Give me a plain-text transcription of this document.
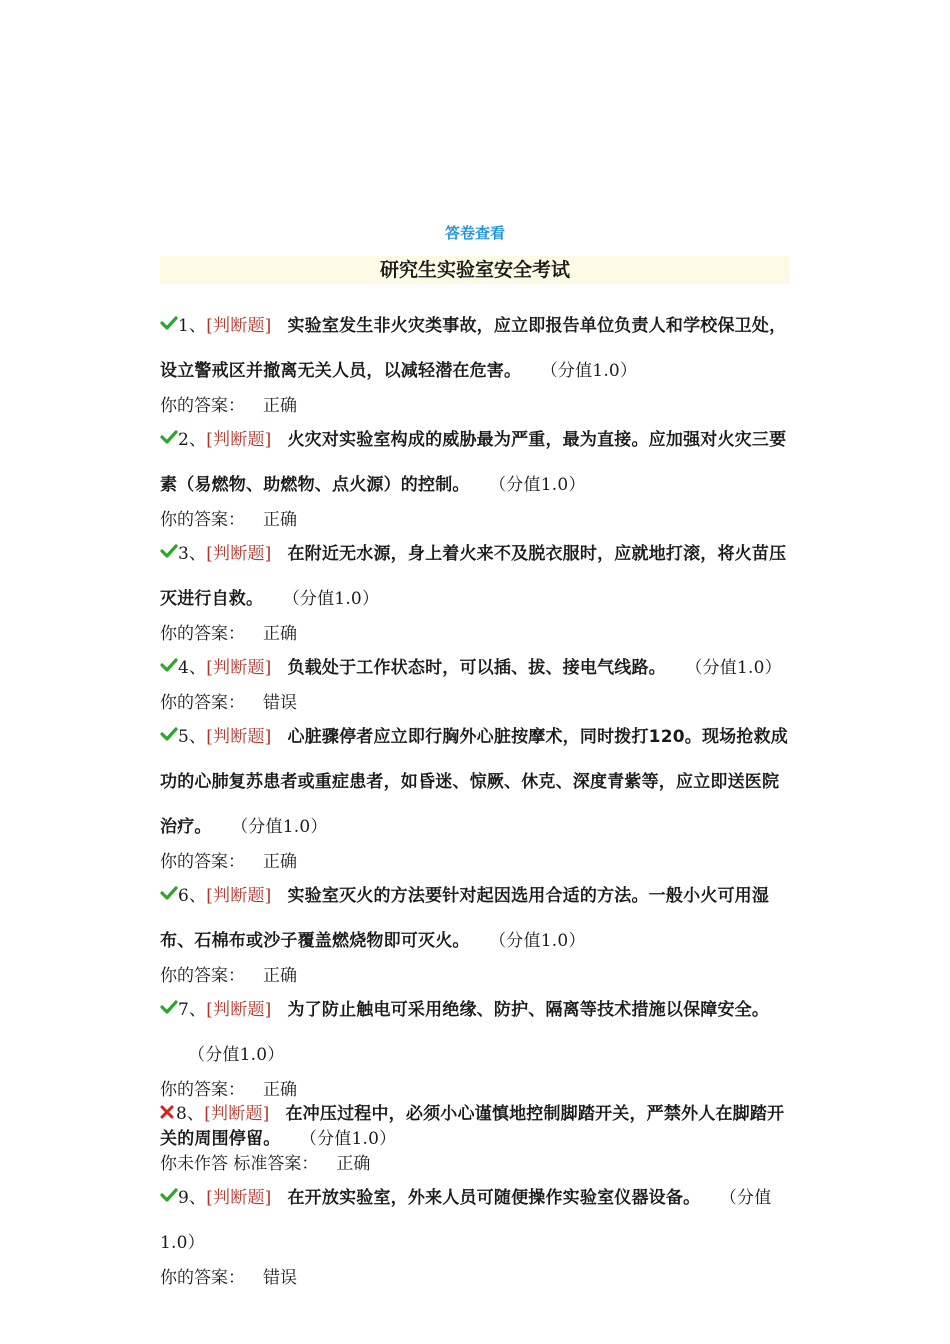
答卷查看
研究生实验室安全考试
1、[判断题] 实验室发生非火灾类事故，应立即报告单位负责人和学校保卫处，设立警戒区并撤离无关人员，以减轻潜在危害。 （分值1.0）
你的答案： 正确
2、[判断题] 火灾对实验室构成的威胁最为严重，最为直接。应加强对火灾三要素（易燃物、助燃物、点火源）的控制。 （分值1.0）
你的答案： 正确
3、[判断题] 在附近无水源，身上着火来不及脱衣服时，应就地打滚，将火苗压灭进行自救。 （分值1.0）
你的答案： 正确
4、[判断题] 负载处于工作状态时，可以插、拔、接电气线路。 （分值1.0）
你的答案： 错误
5、[判断题] 心脏骤停者应立即行胸外心脏按摩术，同时拨打120。现场抢救成功的心肺复苏患者或重症患者，如昏迷、惊厥、休克、深度青紫等，应立即送医院治疗。 （分值1.0）
你的答案： 正确
6、[判断题] 实验室灭火的方法要针对起因选用合适的方法。一般小火可用湿布、石棉布或沙子覆盖燃烧物即可灭火。 （分值1.0）
你的答案： 正确
7、[判断题] 为了防止触电可采用绝缘、防护、隔离等技术措施以保障安全。（分值1.0）
你的答案： 正确
8、[判断题] 在冲压过程中，必须小心谨慎地控制脚踏开关，严禁外人在脚踏开关的周围停留。 （分值1.0）
你未作答 标准答案： 正确
9、[判断题] 在开放实验室，外来人员可随便操作实验室仪器设备。 （分值1.0）
你的答案： 错误
